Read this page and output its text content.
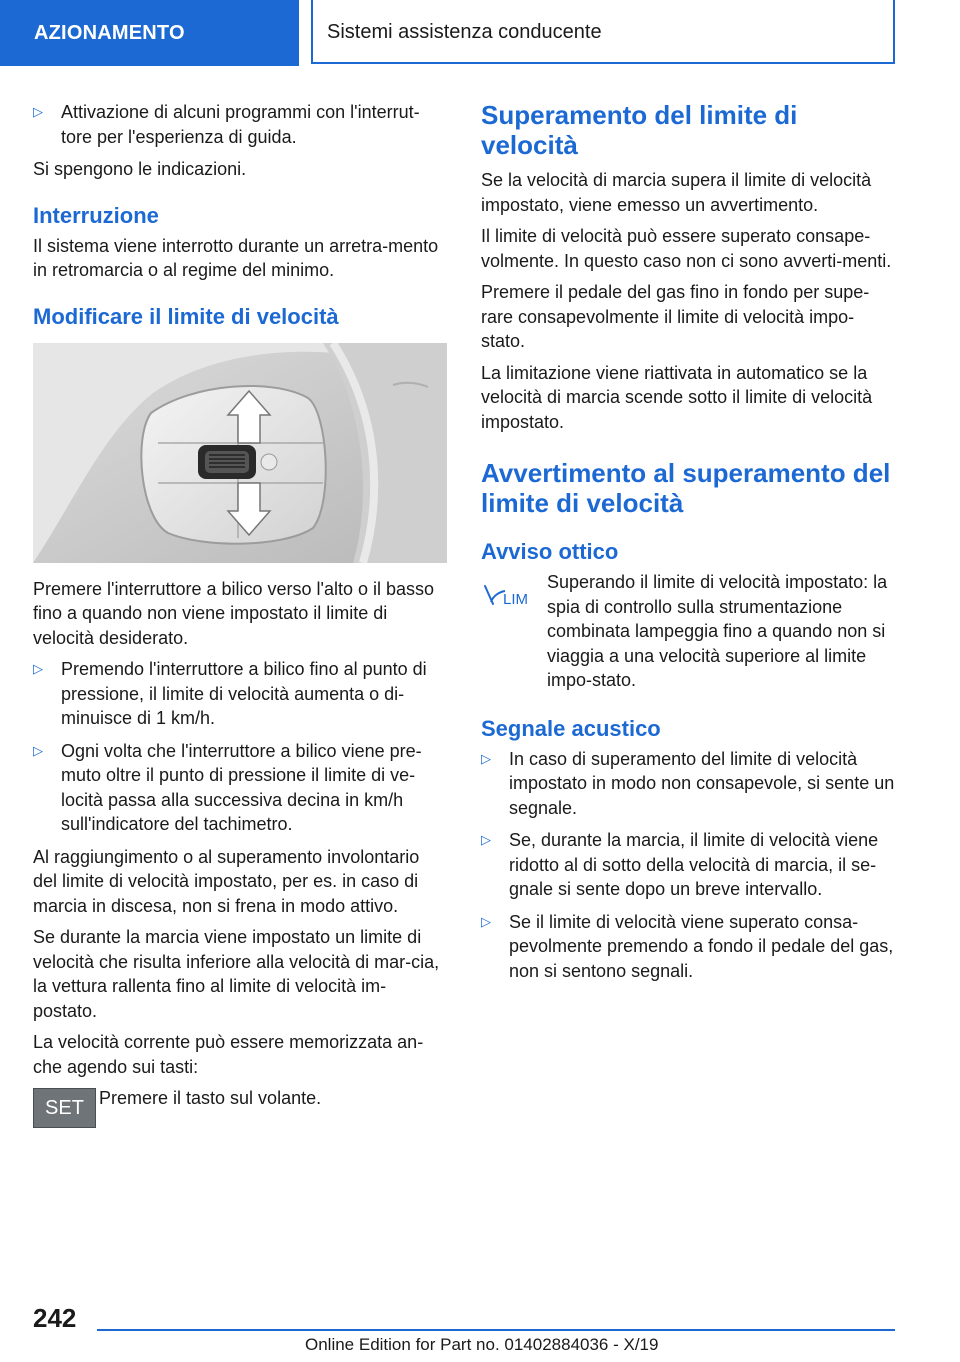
AZIONAMENTO	Sistemi assistenza conducente
▷ Attivazione di alcuni programmi con l'interrut-tore per l'esperienza di guida.

Si spengono le indicazioni.

Interruzione

Il sistema viene interrotto durante un arretra-mento in retromarcia o al regime del minimo.

Modificare il limite di velocità

Premere l'interruttore a bilico verso l'alto o il basso fino a quando non viene impostato il limite di velocità desiderato.

▷ Premendo l'interruttore a bilico fino al punto di pressione, il limite di velocità aumenta o di-minuisce di 1 km/h.
▷ Ogni volta che l'interruttore a bilico viene pre-muto oltre il punto di pressione il limite di ve-locità passa alla successiva decina in km/h sull'indicatore del tachimetro.

Al raggiungimento o al superamento involontario del limite di velocità impostato, per es. in caso di marcia in discesa, non si frena in modo attivo.

Se durante la marcia viene impostato un limite di velocità che risulta inferiore alla velocità di mar-cia, la vettura rallenta fino al limite di velocità im-postato.

La velocità corrente può essere memorizzata an-che agendo sui tasti:

SET Premere il tasto sul volante.

Superamento del limite di velocità

Se la velocità di marcia supera il limite di velocità impostato, viene emesso un avvertimento.

Il limite di velocità può essere superato consape-volmente. In questo caso non ci sono avverti-menti.

Premere il pedale del gas fino in fondo per supe-rare consapevolmente il limite di velocità impo-stato.

La limitazione viene riattivata in automatico se la velocità di marcia scende sotto il limite di velocità impostato.

Avvertimento al superamento del limite di velocità
Avviso ottico
LIM

Superando il limite di velocità impostato: la spia di controllo sulla strumentazione combinata lampeggia fino a quando non si viaggia a una velocità superiore al limite impo-stato.

Segnale acustico
▷ In caso di superamento del limite di velocità impostato in modo non consapevole, si sente un segnale.
▷ Se, durante la marcia, il limite di velocità viene ridotto al di sotto della velocità di marcia, il se-gnale si sente dopo un breve intervallo.
▷ Se il limite di velocità viene superato consa-pevolmente premendo a fondo il pedale del gas, non si sentono segnali.
242
Online Edition for Part no. 01402884036 - X/19
